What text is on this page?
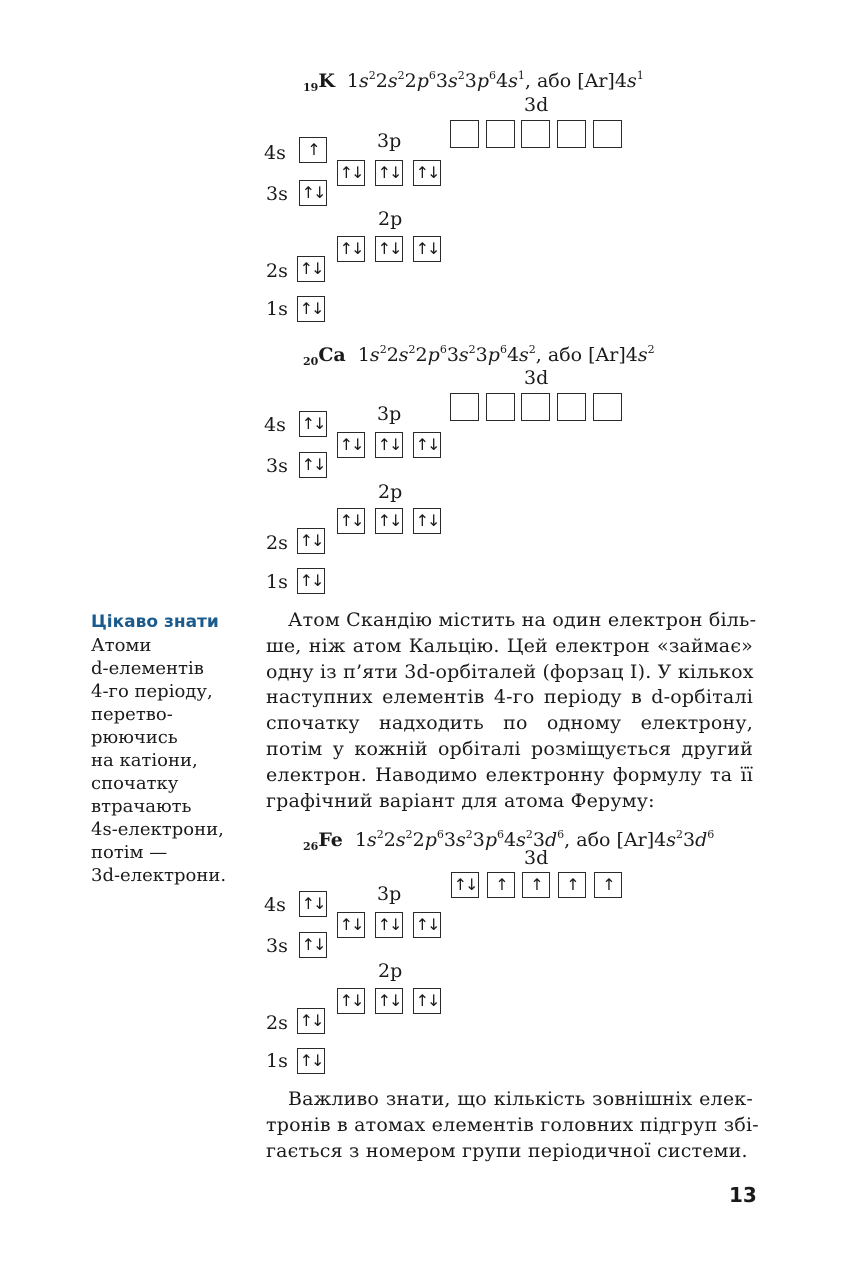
$_{19}$K  $1s^22s^22p^63s^23p^64s^1$, або $[Ar]4s^1$
3d
3p
2p
4s
3s
2s
1s
↑
↑↓
↑↓ ↑↓ ↑↓
↑↓ ↑↓ ↑↓
↑↓
↑↓
$_{20}$Ca  $1s^22s^22p^63s^23p^64s^2$, або $[Ar]4s^2$
3d
3p
2p
4s
3s
2s
1s
↑↓
↑↓
↑↓ ↑↓ ↑↓
↑↓ ↑↓ ↑↓
↑↓
↑↓
Цікаво знати
Атоми
d-елементів
4-го періоду,
перетво-
рюючись
на катіони,
спочатку
втрачають
4s-електрони,
потім —
3d-електрони.
Атом Скандію містить на один електрон біль-
ше, ніж атом Кальцію. Цей електрон «займає»
одну із п’яти 3d-орбіталей (форзац I). У кількох
наступних елементів 4-го періоду в d-орбіталі
спочатку надходить по одному електрону,
потім у кожній орбіталі розміщується другий
електрон. Наводимо електронну формулу та її
графічний варіант для атома Феруму:
$_{26}$Fe  $1s^22s^22p^63s^23p^64s^23d^6$, або $[Ar]4s^23d^6$
3d
3p
2p
4s
3s
2s
1s
↑↓
↑↓
↑↓ ↑↓ ↑↓
↑↓ ↑↓ ↑↓
↑↓
↑↓
↑↓	↑	↑	↑	↑
Важливо знати, що кількість зовнішніх елек-
тронів в атомах елементів головних підгруп збі-
гається з номером групи періодичної системи.
13
